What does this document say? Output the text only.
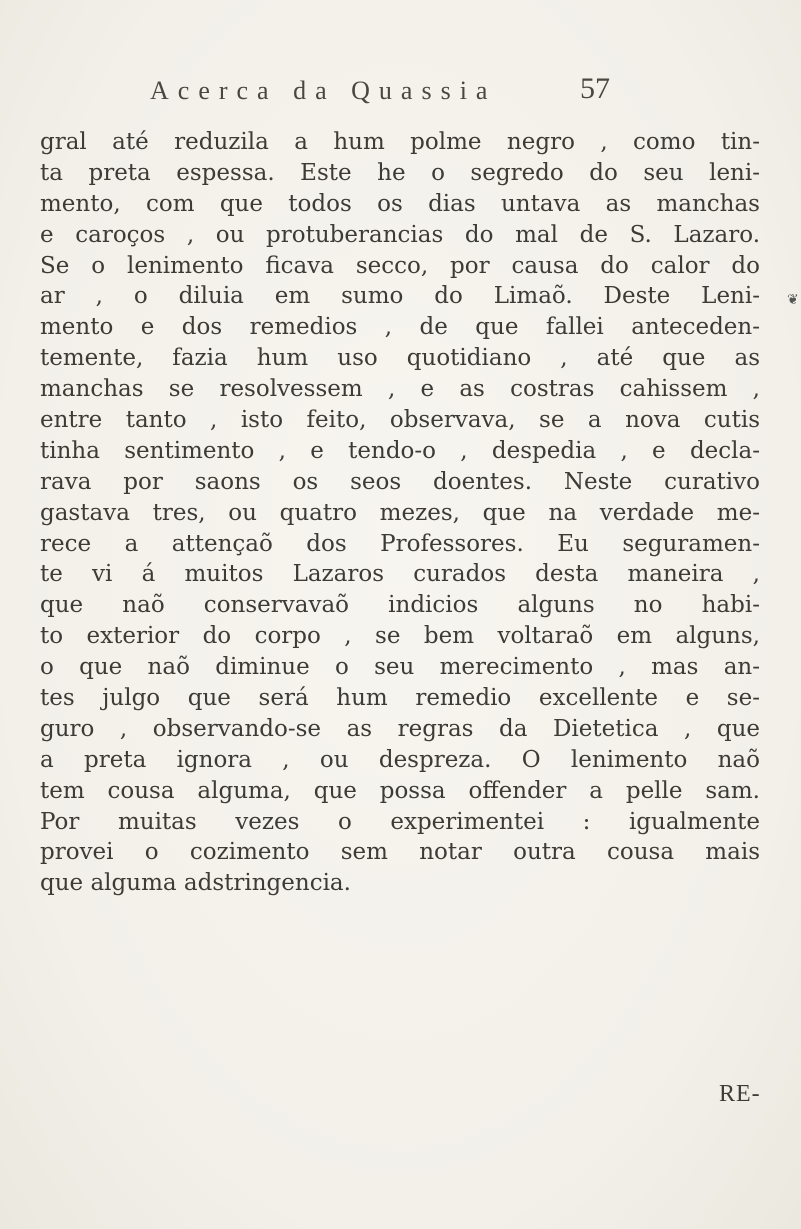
Acerca da Quassia	57
gral até reduzila a hum polme negro , como tin-
ta preta espessa. Este he o segredo do seu leni-
mento, com que todos os dias untava as manchas
e caroços , ou protuberancias do mal de S. Lazaro.
Se o lenimento ficava secco, por causa do calor do
ar , o diluia em sumo do Limaõ. Deste Leni-
mento e dos remedios , de que fallei anteceden-
temente, fazia hum uso quotidiano , até que as
manchas se resolvessem , e as costras cahissem ,
entre tanto , isto feito, observava, se a nova cutis
tinha sentimento , e tendo-o , despedia , e decla-
rava por saons os seos doentes. Neste curativo
gastava tres, ou quatro mezes, que na verdade me-
rece a attençaõ dos Professores. Eu seguramen-
te vi á muitos Lazaros curados desta maneira ,
que naõ conservavaõ indicios alguns no habi-
to exterior do corpo , se bem voltaraõ em alguns,
o que naõ diminue o seu merecimento , mas an-
tes julgo que será hum remedio excellente e se-
guro , observando-se as regras da Dietetica , que
a preta ignora , ou despreza. O lenimento naõ
tem cousa alguma, que possa offender a pelle sam.
Por muitas vezes o experimentei : igualmente
provei o cozimento sem notar outra cousa mais
que alguma adstringencia.
❦
RE-
